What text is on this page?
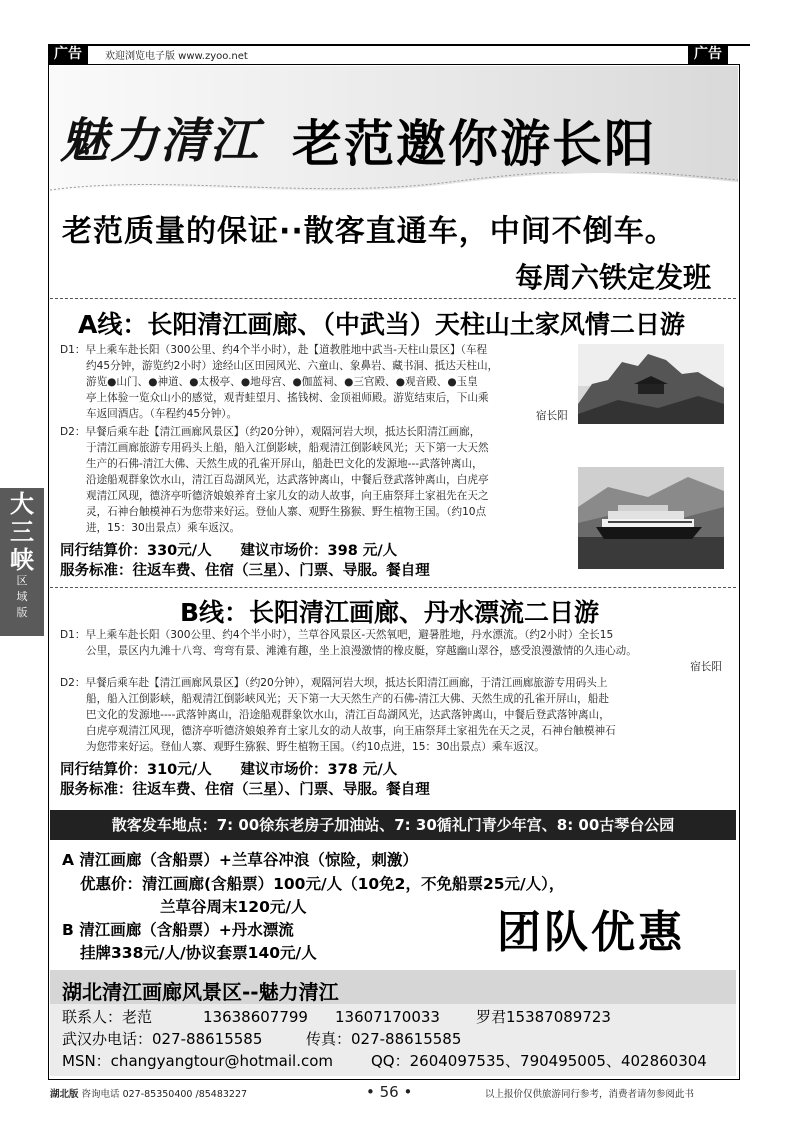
广告	广告
欢迎浏览电子版 www.zyoo.net
大
三
峡
区
域
版
魅力清江 老范邀你游长阳
老范质量的保证··散客直通车，中间不倒车。
每周六铁定发班
A线：长阳清江画廊、（中武当）天柱山土家风情二日游
D1：早上乘车赴长阳（300公里、约4个半小时），赴【道教胜地中武当-天柱山景区】（车程
约45分钟，游览约2小时）途经山区田园风光、六童山、象鼻岩、藏书洞、抵达天柱山，
游览●山门、●神道、●太极亭、●地母宫、●伽蓝祠、●三官殿、●观音殿、●玉皇
亭上体验一览众山小的感觉，观青蛙望月、搖钱树、金顶祖师殿。游览结束后，下山乘
车返回酒店。（车程约45分钟）。
D2：早餐后乘车赴【清江画廊风景区】（约20分钟），观隔河岩大坝，抵达长阳清江画廊，
于清江画廊旅游专用码头上船，船入江倒影峡，船观清江倒影峡风光；天下第一大天然
生产的石佛-清江大佛、天然生成的孔雀开屏山，船赴巴文化的发源地---武落钟离山，
沿途船观群象饮水山，清江百岛湖风光，达武落钟离山，中餐后登武落钟离山，白虎亭
观清江风现，德济亭听德济娘娘养育土家儿女的动人故事，向王庙祭拜土家祖先在天之
灵，石神台触模神石为您带来好运。登仙人寨、观野生猕猴、野生植物王国。（约10点
进，15：30出景点）乘车返汉。
宿长阳
同行结算价：330元/人　　建议市场价：398 元/人
服务标准：往返车费、住宿（三星）、门票、导服。餐自理
B线：长阳清江画廊、丹水漂流二日游
D1：早上乘车赴长阳（300公里、约4个半小时），兰草谷风景区-天然氧吧，避暑胜地，丹水漂流。（约2小时）全长15
公里，景区内九滩十八弯、弯弯有景、滩滩有趣，坐上浪漫激情的橡皮艇，穿越幽山翠谷，感受浪漫激情的久违心动。
宿长阳
D2：早餐后乘车赴【清江画廊风景区】（约20分钟），观隔河岩大坝，抵达长阳清江画廊，于清江画廊旅游专用码头上
船，船入江倒影峡，船观清江倒影峡风光；天下第一大天然生产的石佛-清江大佛、天然生成的孔雀开屏山，船赴
巴文化的发源地----武落钟离山，沿途船观群象饮水山，清江百岛湖风光，达武落钟离山，中餐后登武落钟离山，
白虎亭观清江风现，德济亭听德济娘娘养育土家儿女的动人故事，向王庙祭拜土家祖先在天之灵，石神台触模神石
为您带来好运。登仙人寨、观野生猕猴、野生植物王国。（约10点进，15：30出景点）乘车返汉。
同行结算价：310元/人　　建议市场价：378 元/人
服务标准：往返车费、住宿（三星）、门票、导服。餐自理
散客发车地点：7: 00徐东老房子加油站、7: 30循礼门青少年宫、8: 00古琴台公园
A 清江画廊（含船票）+兰草谷冲浪（惊险，刺激）
优惠价：清江画廊(含船票）100元/人（10免2，不免船票25元/人），
兰草谷周末120元/人
B 清江画廊（含船票）+丹水漂流
挂牌338元/人/协议套票140元/人	团队优惠
湖北清江画廊风景区--魅力清江
联系人：老范	13638607799 13607170033 罗君15387089723
武汉办电话：027-88615585	传真：027-88615585
MSN：changyangtour@hotmail.com	QQ：2604097535、790495005、402860304
湖北版 咨询电话 027-85350400 /85483227	• 56 •	以上报价仅供旅游同行参考，消费者请勿参阅此书
